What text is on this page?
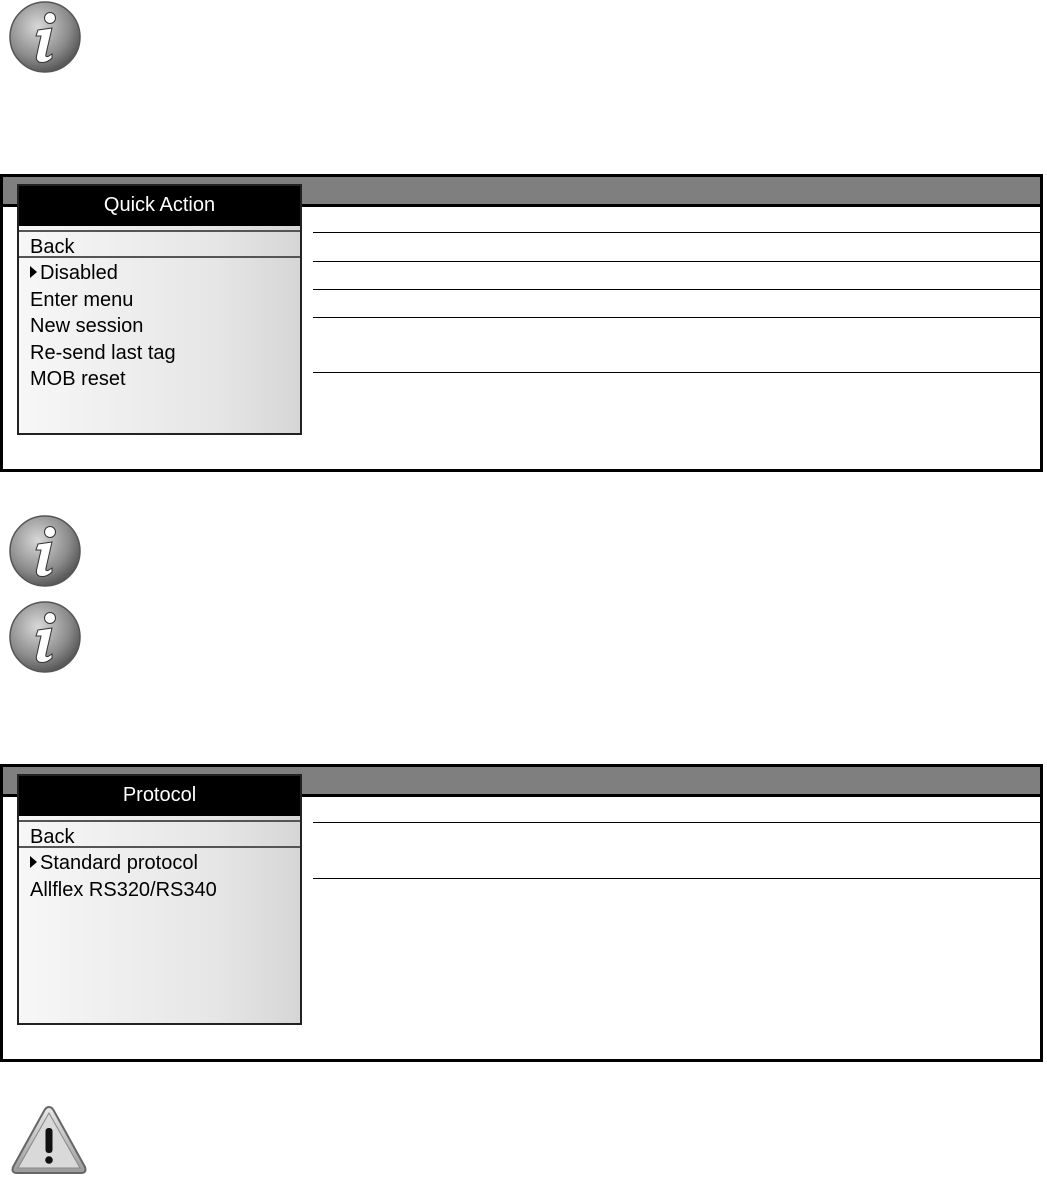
Quick Action
Back
Disabled
Enter menu
New session
Re-send last tag
MOB reset
Protocol
Back
Standard protocol
Allflex RS320/RS340
